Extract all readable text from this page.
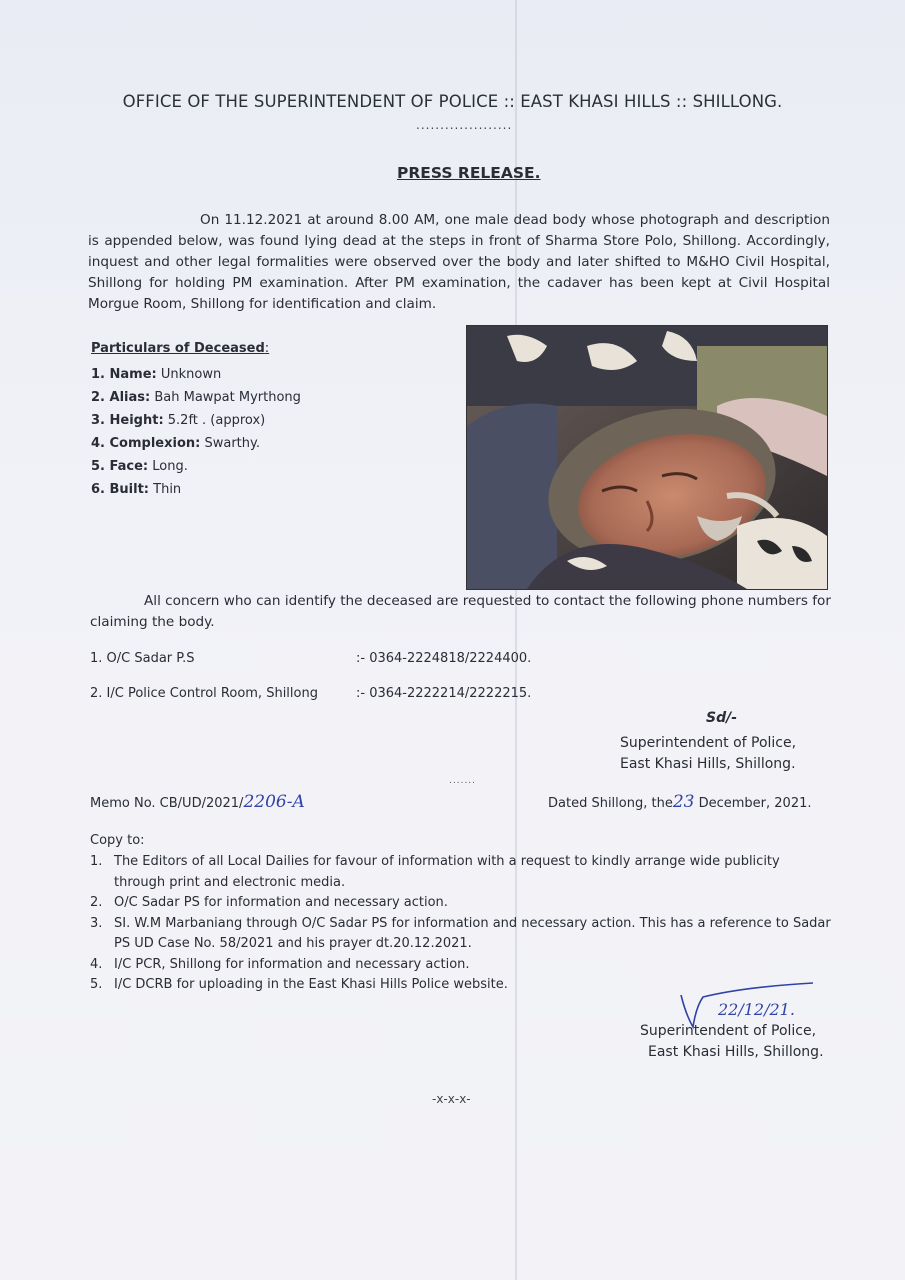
OFFICE OF THE SUPERINTENDENT OF POLICE :: EAST KHASI HILLS :: SHILLONG.
....................
PRESS RELEASE.
On 11.12.2021 at around 8.00 AM, one male dead body whose photograph and description is appended below, was found lying dead at the steps in front of Sharma Store Polo, Shillong. Accordingly, inquest and other legal formalities were observed over the body and later shifted to M&HO Civil Hospital, Shillong for holding PM examination. After PM examination, the cadaver has been kept at Civil Hospital Morgue Room, Shillong for identification and claim.
Particulars of Deceased:
1. Name: Unknown
2. Alias: Bah Mawpat Myrthong
3. Height: 5.2ft . (approx)
4. Complexion: Swarthy.
5. Face: Long.
6. Built: Thin
All concern who can identify the deceased are requested to contact the following phone numbers for claiming the body.
1. O/C Sadar P.S	:- 0364-2224818/2224400.
2. I/C Police Control Room, Shillong	:- 0364-2222214/2222215.
Sd/-
Superintendent of Police,
East Khasi Hills, Shillong.
.......
Memo No. CB/UD/2021/2206-A	Dated Shillong, the23 December, 2021.
Copy to:
1. The Editors of all Local Dailies for favour of information with a request to kindly arrange wide publicity through print and electronic media.
2. O/C Sadar PS for information and necessary action.
3. SI. W.M Marbaniang through O/C Sadar PS for information and necessary action. This has a reference to Sadar PS UD Case No. 58/2021 and his prayer dt.20.12.2021.
4. I/C PCR, Shillong for information and necessary action.
5. I/C DCRB for uploading in the East Khasi Hills Police website.
22/12/21.
Superintendent of Police,
East Khasi Hills, Shillong.
-x-x-x-
